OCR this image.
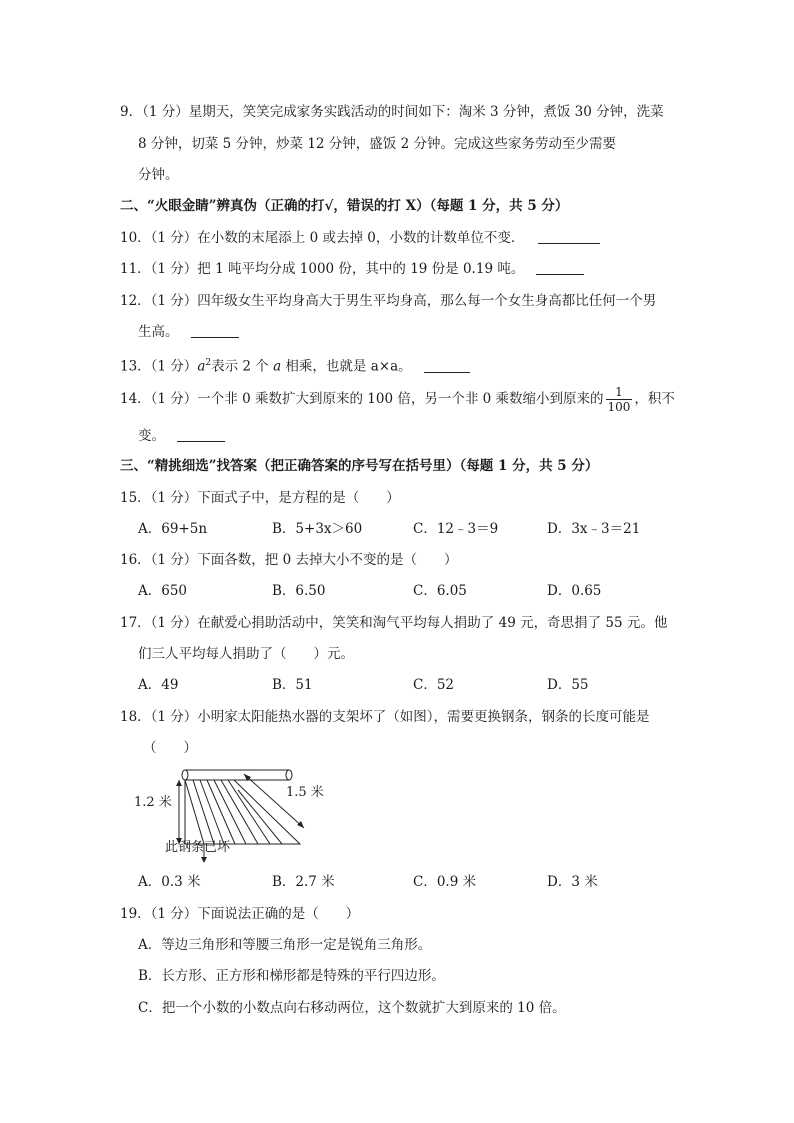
9．（1 分）星期天，笑笑完成家务实践活动的时间如下：淘米 3 分钟，煮饭 30 分钟，洗菜
8 分钟，切菜 5 分钟，炒菜 12 分钟，盛饭 2 分钟。完成这些家务劳动至少需要
分钟。
二、“火眼金睛”辨真伪（正确的打√，错误的打 X）（每题 1 分，共 5 分）
10．（1 分）在小数的末尾添上 0 或去掉 0，小数的计数单位不变．
11．（1 分）把 1 吨平均分成 1000 份，其中的 19 份是 0.19 吨。
12．（1 分）四年级女生平均身高大于男生平均身高，那么每一个女生身高都比任何一个男
生高。
13．（1 分）$a^2$表示 2 个 a 相乘，也就是 a×a。
14．（1 分）一个非 0 乘数扩大到原来的 100 倍，另一个非 0 乘数缩小到原来的 $\frac{1}{100}$ ，积不
变。
三、“精挑细选”找答案（把正确答案的序号写在括号里）（每题 1 分，共 5 分）
15．（1 分）下面式子中，是方程的是（　　）
A．69+5n	B．5+3x＞60	C．12﹣3＝9	D．3x﹣3＝21
16．（1 分）下面各数，把 0 去掉大小不变的是（　　）
A．650	B．6.50	C．6.05	D．0.65
17．（1 分）在献爱心捐助活动中，笑笑和淘气平均每人捐助了 49 元，奇思捐了 55 元。他
们三人平均每人捐助了（　　）元。
A．49	B．51	C．52	D．55
18．（1 分）小明家太阳能热水器的支架坏了（如图），需要更换钢条，钢条的长度可能是
（　　）
1.2 米
1.5 米
此钢条已坏
A．0.3 米	B．2.7 米	C．0.9 米	D．3 米
19．（1 分）下面说法正确的是（　　）
A．等边三角形和等腰三角形一定是锐角三角形。
B．长方形、正方形和梯形都是特殊的平行四边形。
C．把一个小数的小数点向右移动两位，这个数就扩大到原来的 10 倍。
